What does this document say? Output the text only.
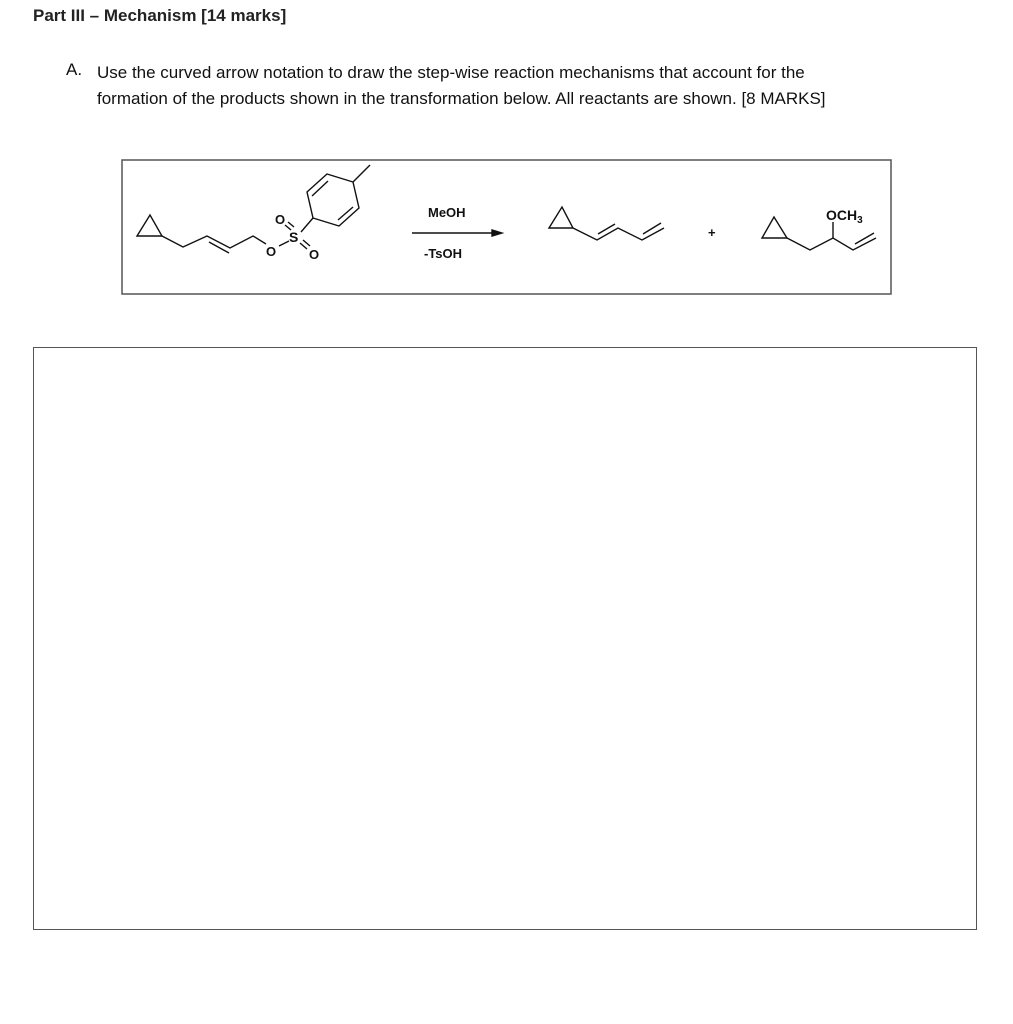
Part III – Mechanism [14 marks]
A. Use the curved arrow notation to draw the step-wise reaction mechanisms that account for the
formation of the products shown in the transformation below. All reactants are shown. [8 MARKS]
O
S
O
O
MeOH
-TsOH
+
$OCH_3$
